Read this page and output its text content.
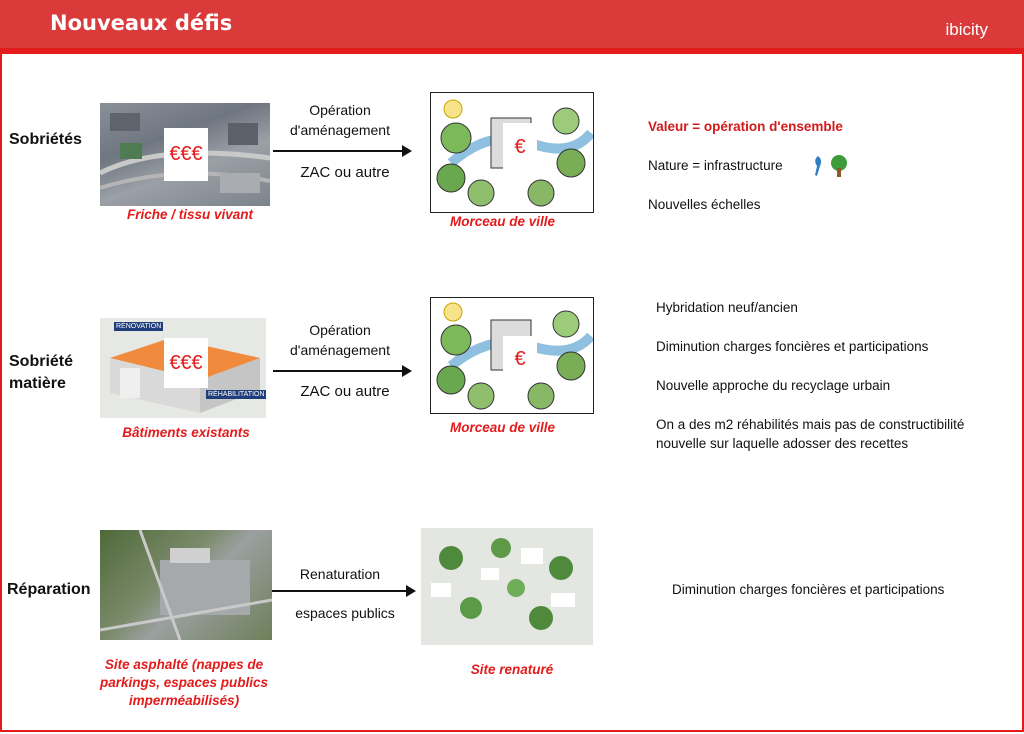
Nouveaux défis	ibicity
Sobriétés
€€€
Friche / tissu vivant
Opération d'aménagement
ZAC ou autre
€
Morceau de ville
Valeur = opération d'ensemble
Nature = infrastructure
Nouvelles échelles
Sobriété matière
RÉNOVATION
RÉHABILITATION
€€€
Bâtiments existants
Opération d'aménagement
ZAC ou autre
€
Morceau de ville
Hybridation neuf/ancien
Diminution charges foncières et participations
Nouvelle approche du recyclage urbain
On a des m2 réhabilités mais pas de constructibilité nouvelle sur laquelle adosser des recettes
Réparation
Renaturation
espaces publics
Site asphalté (nappes de parkings, espaces publics imperméabilisés)
Site renaturé
Diminution charges foncières et participations
